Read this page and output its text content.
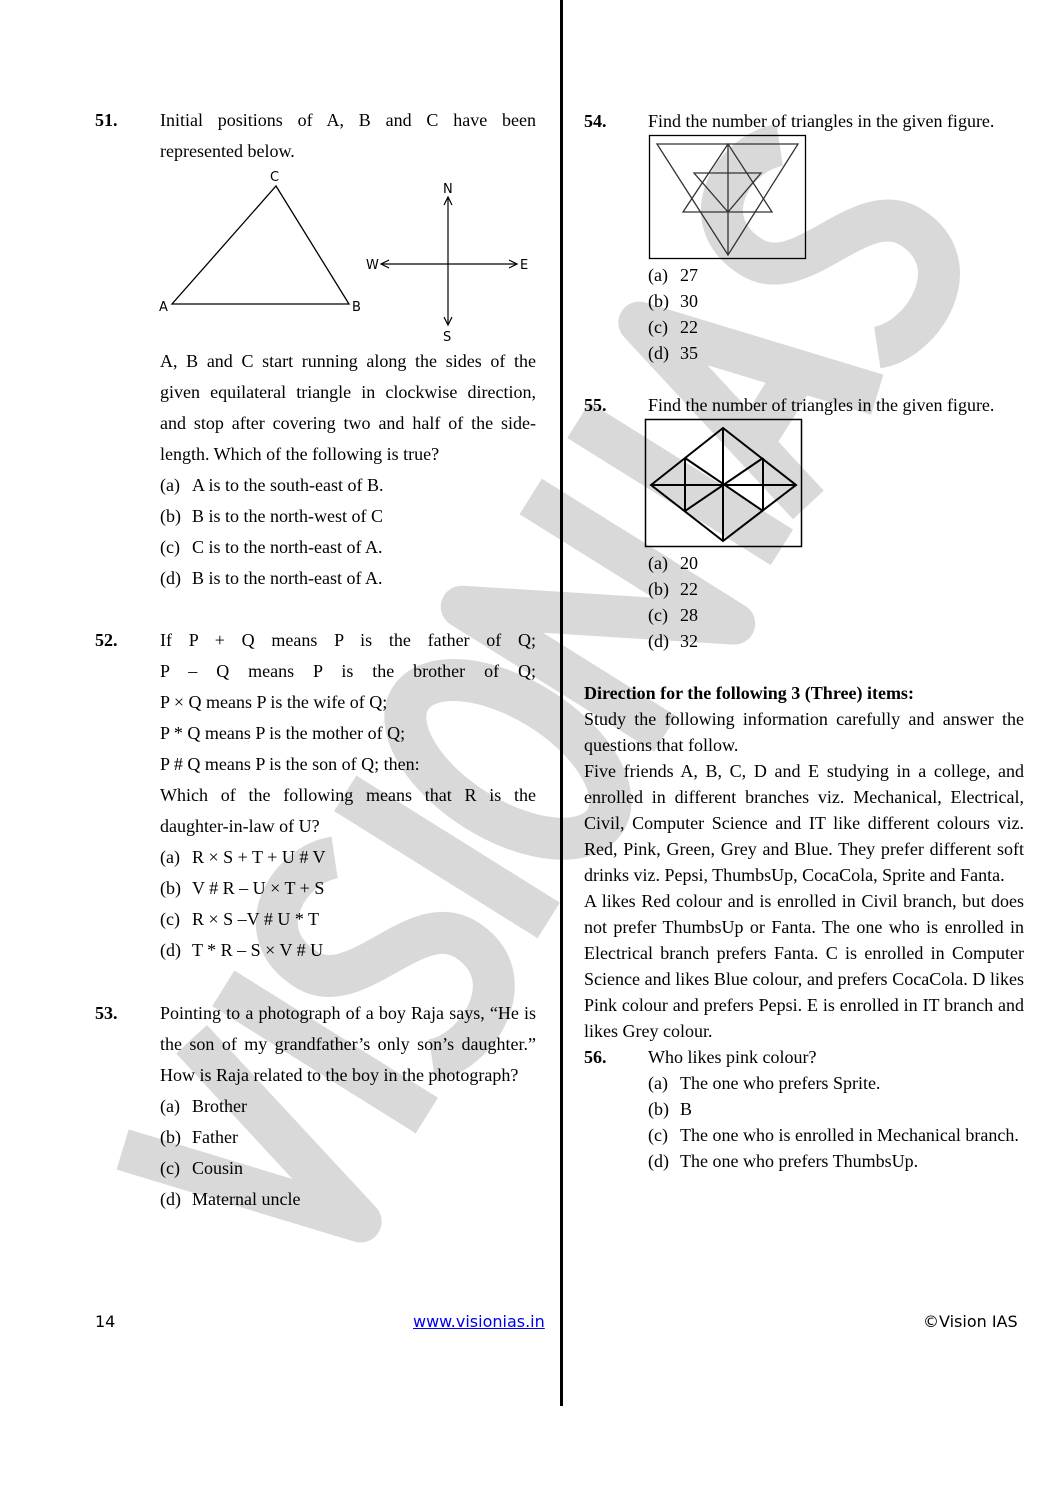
51.	Initial positions of A, B and C have been represented below.
C
A	B
N
S
W	E
A, B and C start running along the sides of the given equilateral triangle in clockwise direction, and stop after covering two and half of the side-length. Which of the following is true?
(a) A is to the south-east of B.
(b) B is to the north-west of C
(c) C is to the north-east of A.
(d) B is to the north-east of A.
52.	If P + Q means P is the father of Q;
P – Q means P is the brother of Q;
P × Q means P is the wife of Q;
P * Q means P is the mother of Q;
P # Q means P is the son of Q; then:
Which of the following means that R is the daughter-in-law of U?
(a) R × S + T + U # V
(b) V # R – U × T + S
(c) R × S –V # U * T
(d) T * R – S × V # U
53.	Pointing to a photograph of a boy Raja says, “He is the son of my grandfather’s only son’s daughter.” How is Raja related to the boy in the photograph?
(a) Brother
(b) Father
(c) Cousin
(d) Maternal uncle
54.	Find the number of triangles in the given figure.
(a) 27
(b) 30
(c) 22
(d) 35
55.	Find the number of triangles in the given figure.
(a) 20
(b) 22
(c) 28
(d) 32
Direction for the following 3 (Three) items:
Study the following information carefully and answer the questions that follow.
Five friends A, B, C, D and E studying in a college, and enrolled in different branches viz. Mechanical, Electrical, Civil, Computer Science and IT like different colours viz. Red, Pink, Green, Grey and Blue. They prefer different soft drinks viz. Pepsi, ThumbsUp, CocaCola, Sprite and Fanta.
A likes Red colour and is enrolled in Civil branch, but does not prefer ThumbsUp or Fanta. The one who is enrolled in Electrical branch prefers Fanta. C is enrolled in Computer Science and likes Blue colour, and prefers CocaCola. D likes Pink colour and prefers Pepsi. E is enrolled in IT branch and likes Grey colour.
56.	Who likes pink colour?
(a) The one who prefers Sprite.
(b) B
(c) The one who is enrolled in Mechanical branch.
(d) The one who prefers ThumbsUp.
14	www.visionias.in	©Vision IAS
